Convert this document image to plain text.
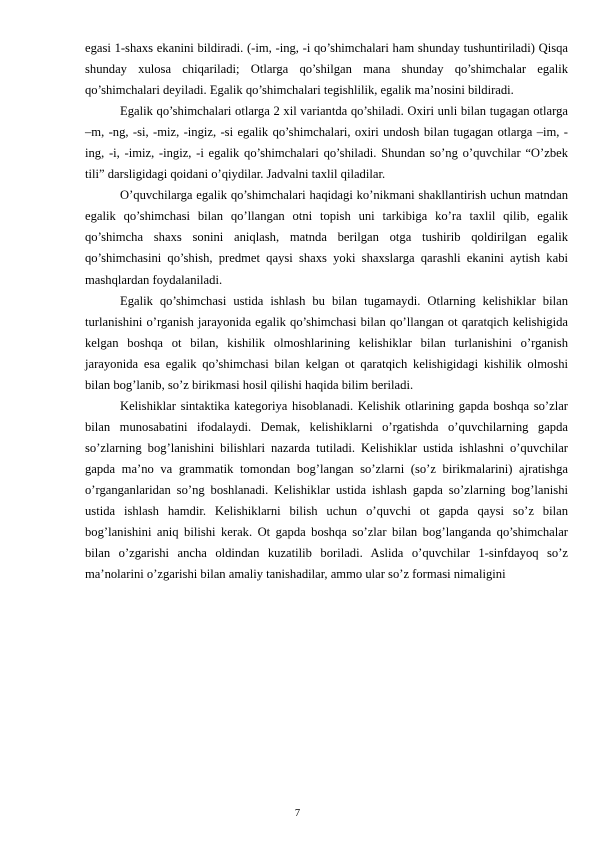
egasi 1-shaxs ekanini bildiradi. (-im, -ing, -i qo’shimchalari ham shunday tushuntiriladi) Qisqa shunday xulosa chiqariladi; Otlarga qo’shilgan mana shunday qo’shimchalar egalik qo’shimchalari deyiladi. Egalik qo’shimchalari tegishlilik, egalik ma’nosini bildiradi.

Egalik qo’shimchalari otlarga 2 xil variantda qo’shiladi. Oxiri unli bilan tugagan otlarga –m, -ng, -si, -miz, -ingiz, -si egalik qo’shimchalari, oxiri undosh bilan tugagan otlarga –im, -ing, -i, -imiz, -ingiz, -i egalik qo’shimchalari qo’shiladi. Shundan so’ng o’quvchilar “O’zbek tili” darsligidagi qoidani o’qiydilar. Jadvalni taxlil qiladilar.

O’quvchilarga egalik qo’shimchalari haqidagi ko’nikmani shakllantirish uchun matndan egalik qo’shimchasi bilan qo’llangan otni topish uni tarkibiga ko’ra taxlil qilib, egalik qo’shimcha shaxs sonini aniqlash, matnda berilgan otga tushirib qoldirilgan egalik qo’shimchasini qo’shish, predmet qaysi shaxs yoki shaxslarga qarashli ekanini aytish kabi mashqlardan foydalaniladi.

Egalik qo’shimchasi ustida ishlash bu bilan tugamaydi. Otlarning kelishiklar bilan turlanishini o’rganish jarayonida egalik qo’shimchasi bilan qo’llangan ot qaratqich kelishigida kelgan boshqa ot bilan, kishilik olmoshlarining kelishiklar bilan turlanishini o’rganish jarayonida esa egalik qo’shimchasi bilan kelgan ot qaratqich kelishigidagi kishilik olmoshi bilan bog’lanib, so’z birikmasi hosil qilishi haqida bilim beriladi.

Kelishiklar sintaktika kategoriya hisoblanadi. Kelishik otlarining gapda boshqa so’zlar bilan munosabatini ifodalaydi. Demak, kelishiklarni o’rgatishda o’quvchilarning gapda so’zlarning bog’lanishini bilishlari nazarda tutiladi. Kelishiklar ustida ishlashni o’quvchilar gapda ma’no va grammatik tomondan bog’langan so’zlarni (so’z birikmalarini) ajratishga o’rganganlaridan so’ng boshlanadi. Kelishiklar ustida ishlash gapda so’zlarning bog’lanishi ustida ishlash hamdir. Kelishiklarni bilish uchun o’quvchi ot gapda qaysi so’z bilan bog’lanishini aniq bilishi kerak. Ot gapda boshqa so’zlar bilan bog’langanda qo’shimchalar bilan o’zgarishi ancha oldindan kuzatilib boriladi. Aslida o’quvchilar 1-sinfdayoq so’z ma’nolarini o’zgarishi bilan amaliy tanishadilar, ammo ular so’z formasi nimaligini

7
